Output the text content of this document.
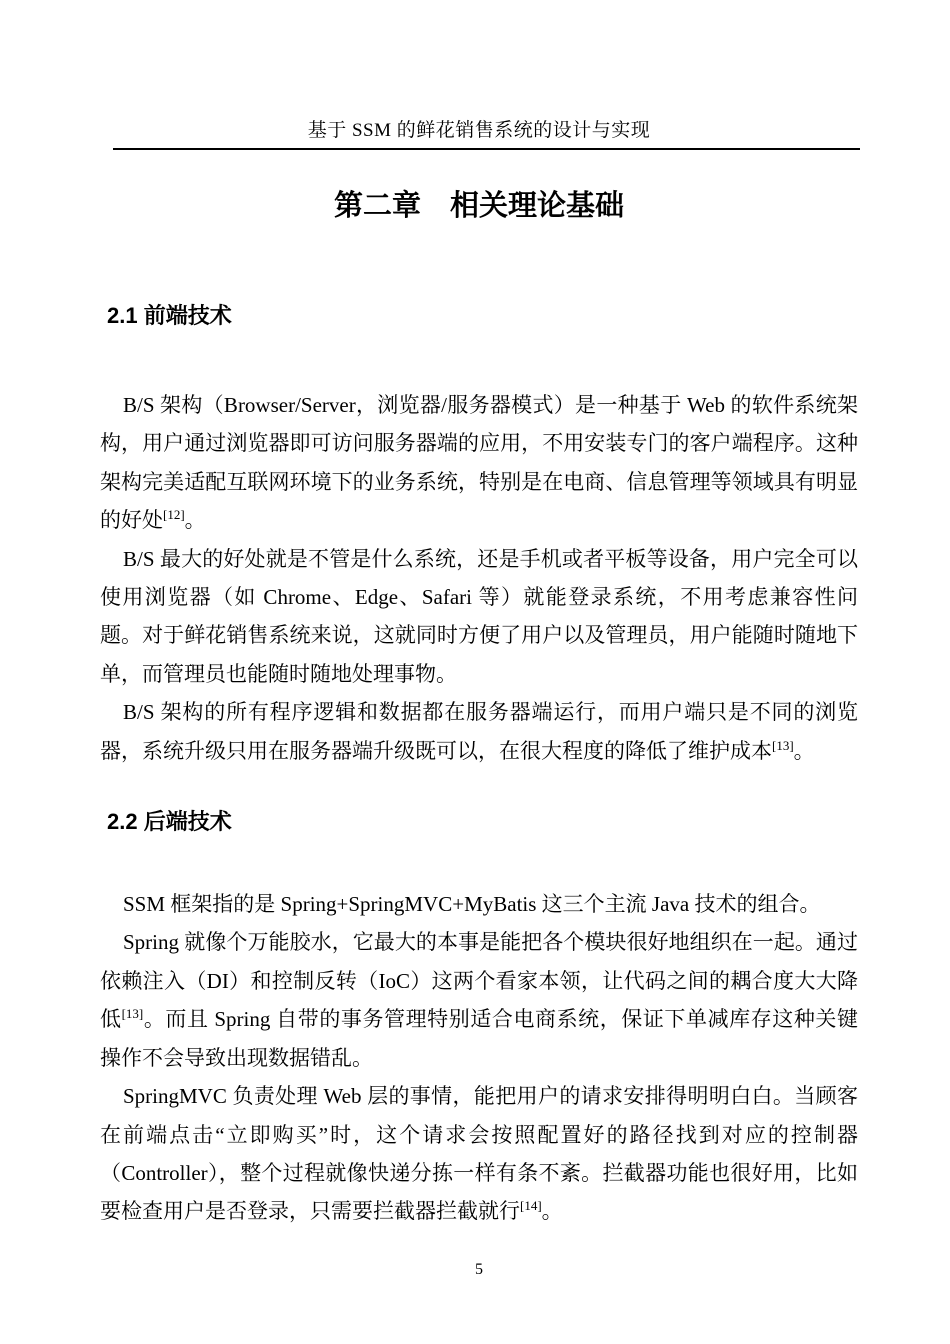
基于 SSM 的鲜花销售系统的设计与实现
第二章　相关理论基础
2.1 前端技术

B/S 架构（Browser/Server，浏览器/服务器模式）是一种基于 Web 的软件系统架构，用户通过浏览器即可访问服务器端的应用，不用安装专门的客户端程序。这种架构完美适配互联网环境下的业务系统，特别是在电商、信息管理等领域具有明显的好处[12]。

B/S 最大的好处就是不管是什么系统，还是手机或者平板等设备，用户完全可以使用浏览器（如 Chrome、Edge、Safari 等）就能登录系统，不用考虑兼容性问题。对于鲜花销售系统来说，这就同时方便了用户以及管理员，用户能随时随地下单，而管理员也能随时随地处理事物。

B/S 架构的所有程序逻辑和数据都在服务器端运行，而用户端只是不同的浏览器，系统升级只用在服务器端升级既可以，在很大程度的降低了维护成本[13]。

2.2 后端技术

SSM 框架指的是 Spring+SpringMVC+MyBatis 这三个主流 Java 技术的组合。

Spring 就像个万能胶水，它最大的本事是能把各个模块很好地组织在一起。通过依赖注入（DI）和控制反转（IoC）这两个看家本领，让代码之间的耦合度大大降低[13]。而且 Spring 自带的事务管理特别适合电商系统，保证下单减库存这种关键操作不会导致出现数据错乱。

SpringMVC 负责处理 Web 层的事情，能把用户的请求安排得明明白白。当顾客在前端点击“立即购买”时，这个请求会按照配置好的路径找到对应的控制器（Controller），整个过程就像快递分拣一样有条不紊。拦截器功能也很好用，比如要检查用户是否登录，只需要拦截器拦截就行[14]。

5
